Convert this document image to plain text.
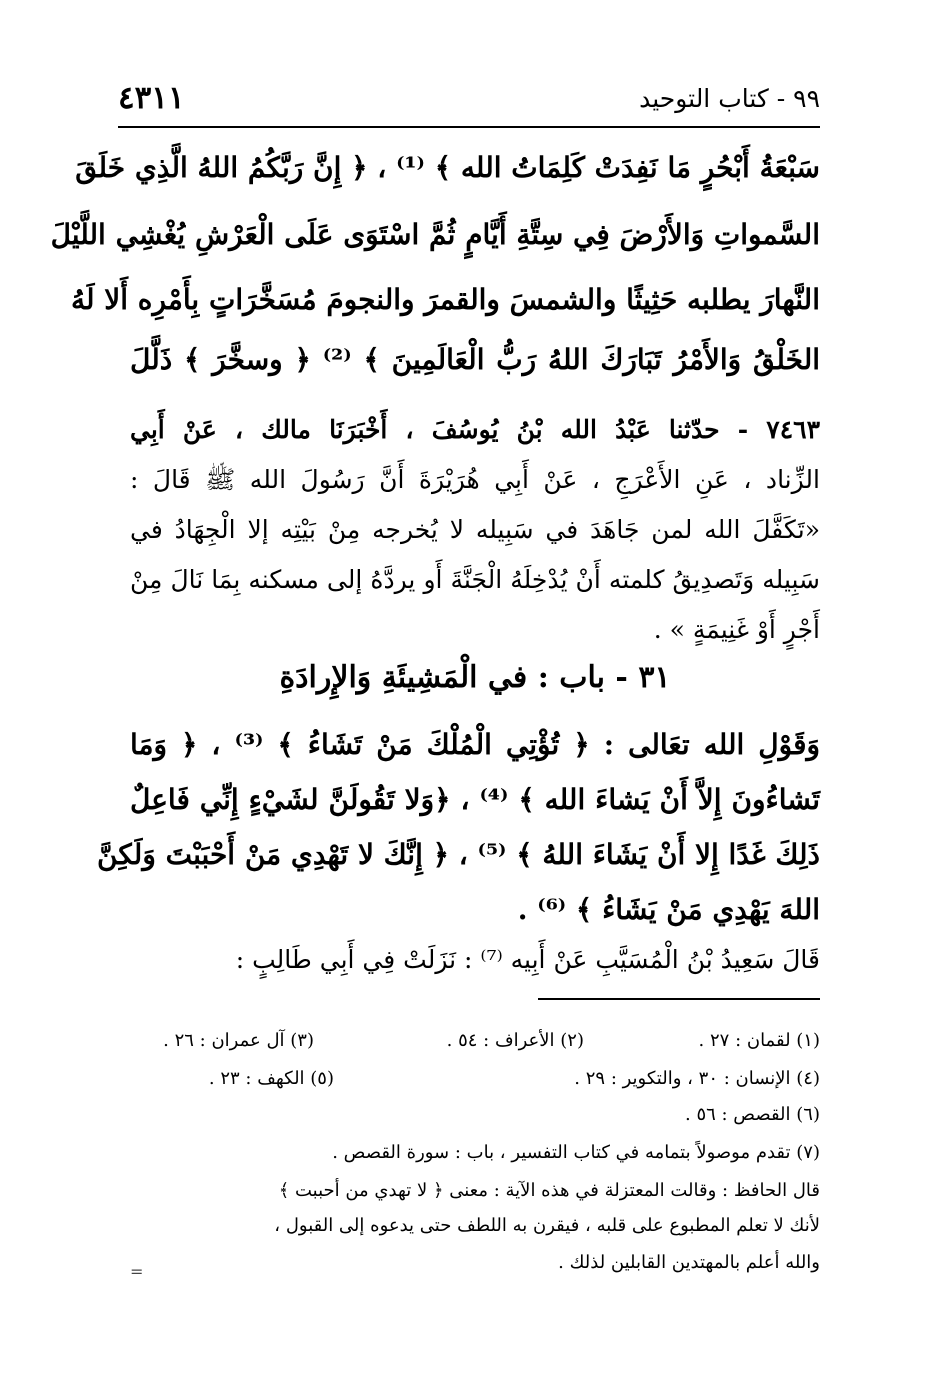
٩٩ - كتاب التوحيد
٤٣١١
سَبْعَةُ أَبْحُرٍ مَا نَفِدَتْ كَلِمَاتُ الله ﴾ ⁽¹⁾ ، ﴿ إِنَّ رَبَّكُمُ اللهُ الَّذِي خَلَقَ
السَّمواتِ وَالأَرْضَ فِي سِتَّةِ أَيَّامٍ ثُمَّ اسْتَوَى عَلَى الْعَرْشِ يُغْشِي اللَّيْلَ
النَّهارَ يطلبه حَثِيثًا والشمسَ والقمرَ والنجومَ مُسَخَّرَاتٍ بِأَمْرِه أَلا لَهُ
الخَلْقُ وَالأَمْرُ تَبَارَكَ اللهُ رَبُّ الْعَالَمِينَ ﴾ ⁽²⁾ ﴿ وسخَّرَ ﴾ ذَلَّلَ
٧٤٦٣ - حدّثنا عَبْدُ الله بْنُ يُوسُفَ ، أَخْبَرَنَا مالك ، عَنْ أَبِي
الزِّناد ، عَنِ الأَعْرَجِ ، عَنْ أَبِي هُرَيْرَةَ أَنَّ رَسُولَ الله ﷺ قَالَ :
«تَكَفَّلَ الله لمن جَاهَدَ في سَبِيله لا يُخرجه مِنْ بَيْتِه إلا الْجِهَادُ في
سَبِيله وَتَصدِيقُ كلمته أَنْ يُدْخِلَهُ الْجَنَّةَ أَو يردَّهُ إلى مسكنه بِمَا نَالَ مِنْ
أَجْرٍ أَوْ غَنِيمَةٍ » .
٣١ - باب : في الْمَشِيئَةِ وَالإِرادَةِ
وَقَوْلِ الله تعَالى : ﴿ تُؤْتِي الْمُلْكَ مَنْ تَشَاءُ ﴾ ⁽³⁾ ، ﴿ وَمَا
تَشاءُونَ إِلاَّ أَنْ يَشاءَ الله ﴾ ⁽⁴⁾ ، ﴿وَلا تَقُولَنَّ لشَيْءٍ إِنِّي فَاعِلٌ
ذَلِكَ غَدًا إِلا أَنْ يَشَاءَ اللهُ ﴾ ⁽⁵⁾ ، ﴿ إِنَّكَ لا تَهْدِي مَنْ أَحْبَبْتَ وَلَكِنَّ
اللهَ يَهْدِي مَنْ يَشَاءُ ﴾ ⁽⁶⁾ .
قَالَ سَعِيدُ بْنُ الْمُسَيَّبِ عَنْ أَبِيه ⁽⁷⁾ : نَزَلَتْ فِي أَبِي طَالِبٍ :
(١) لقمان : ٢٧ .
(٢) الأعراف : ٥٤ .
(٣) آل عمران : ٢٦ .
(٤) الإنسان : ٣٠ ، والتكوير : ٢٩ .
(٥) الكهف : ٢٣ .
(٦) القصص : ٥٦ .
(٧) تقدم موصولاً بتمامه في كتاب التفسير ، باب : سورة القصص .
قال الحافظ : وقالت المعتزلة في هذه الآية : معنى ﴿ لا تهدي من أحببت ﴾
لأنك لا تعلم المطبوع على قلبه ، فيقرن به اللطف حتى يدعوه إلى القبول ،
والله أعلم بالمهتدين القابلين لذلك .
=
